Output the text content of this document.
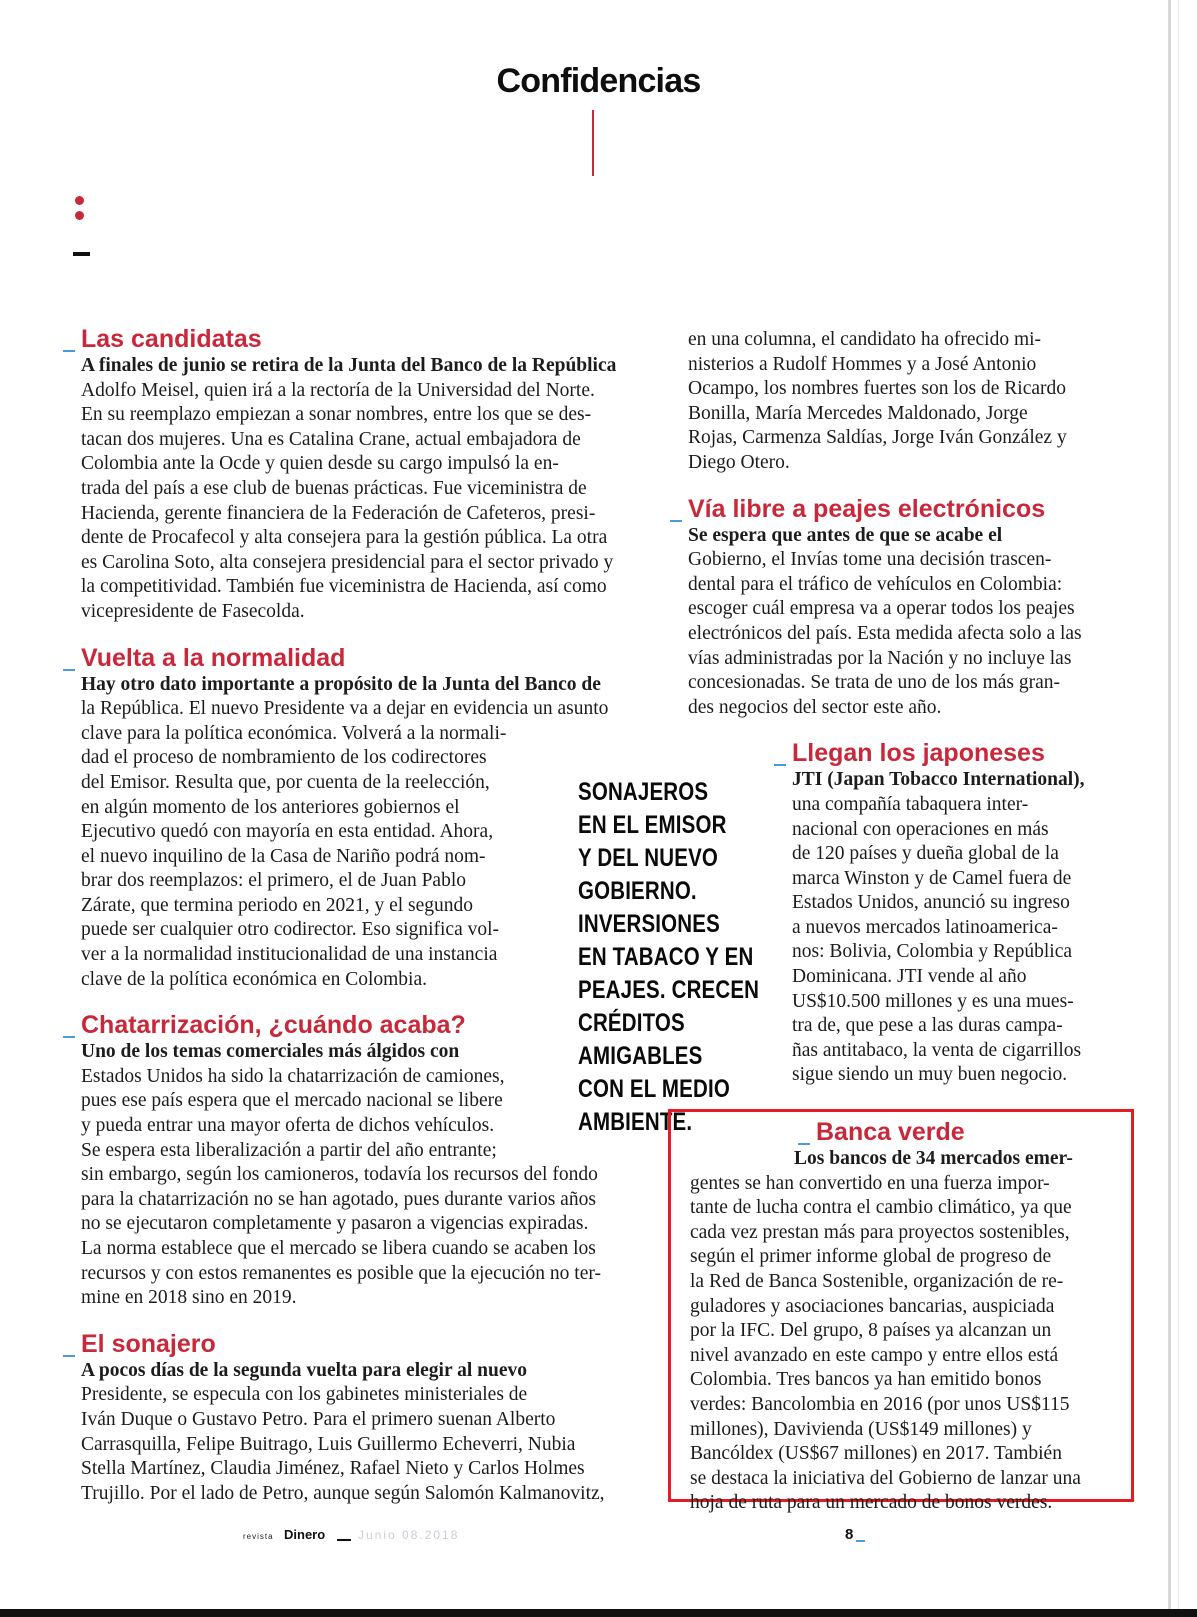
Confidencias
Las candidatas

A finales de junio se retira de la Junta del Banco de la República
Adolfo Meisel, quien irá a la rectoría de la Universidad del Norte.
En su reemplazo empiezan a sonar nombres, entre los que se des-
tacan dos mujeres. Una es Catalina Crane, actual embajadora de
Colombia ante la Ocde y quien desde su cargo impulsó la en-
trada del país a ese club de buenas prácticas. Fue viceministra de
Hacienda, gerente financiera de la Federación de Cafeteros, presi-
dente de Procafecol y alta consejera para la gestión pública. La otra
es Carolina Soto, alta consejera presidencial para el sector privado y
la competitividad. También fue viceministra de Hacienda, así como
vicepresidente de Fasecolda.

Vuelta a la normalidad

Hay otro dato importante a propósito de la Junta del Banco de
la República. El nuevo Presidente va a dejar en evidencia un asunto
clave para la política económica. Volverá a la normali-
dad el proceso de nombramiento de los codirectores
del Emisor. Resulta que, por cuenta de la reelección,
en algún momento de los anteriores gobiernos el
Ejecutivo quedó con mayoría en esta entidad. Ahora,
el nuevo inquilino de la Casa de Nariño podrá nom-
brar dos reemplazos: el primero, el de Juan Pablo
Zárate, que termina periodo en 2021, y el segundo
puede ser cualquier otro codirector. Eso significa vol-
ver a la normalidad institucionalidad de una instancia
clave de la política económica en Colombia.

Chatarrización, ¿cuándo acaba?

Uno de los temas comerciales más álgidos con
Estados Unidos ha sido la chatarrización de camiones,
pues ese país espera que el mercado nacional se libere
y pueda entrar una mayor oferta de dichos vehículos.
Se espera esta liberalización a partir del año entrante;
sin embargo, según los camioneros, todavía los recursos del fondo
para la chatarrización no se han agotado, pues durante varios años
no se ejecutaron completamente y pasaron a vigencias expiradas.
La norma establece que el mercado se libera cuando se acaben los
recursos y con estos remanentes es posible que la ejecución no ter-
mine en 2018 sino en 2019.

El sonajero

A pocos días de la segunda vuelta para elegir al nuevo
Presidente, se especula con los gabinetes ministeriales de
Iván Duque o Gustavo Petro. Para el primero suenan Alberto
Carrasquilla, Felipe Buitrago, Luis Guillermo Echeverri, Nubia
Stella Martínez, Claudia Jiménez, Rafael Nieto y Carlos Holmes
Trujillo. Por el lado de Petro, aunque según Salomón Kalmanovitz,

en una columna, el candidato ha ofrecido mi-
nisterios a Rudolf Hommes y a José Antonio
Ocampo, los nombres fuertes son los de Ricardo
Bonilla, María Mercedes Maldonado, Jorge
Rojas, Carmenza Saldías, Jorge Iván González y
Diego Otero.

Vía libre a peajes electrónicos

Se espera que antes de que se acabe el
Gobierno, el Invías tome una decisión trascen-
dental para el tráfico de vehículos en Colombia:
escoger cuál empresa va a operar todos los peajes
electrónicos del país. Esta medida afecta solo a las
vías administradas por la Nación y no incluye las
concesionadas. Se trata de uno de los más gran-
des negocios del sector este año.

Llegan los japoneses

JTI (Japan Tobacco International),
una compañía tabaquera inter-
nacional con operaciones en más
de 120 países y dueña global de la
marca Winston y de Camel fuera de
Estados Unidos, anunció su ingreso
a nuevos mercados latinoamerica-
nos: Bolivia, Colombia y República
Dominicana. JTI vende al año
US$10.500 millones y es una mues-
tra de, que pese a las duras campa-
ñas antitabaco, la venta de cigarrillos
sigue siendo un muy buen negocio.

SONAJEROS
EN EL EMISOR
Y DEL NUEVO
GOBIERNO.
INVERSIONES
EN TABACO Y EN
PEAJES. CRECEN
CRÉDITOS
AMIGABLES
CON EL MEDIO
AMBIENTE.	Banca verde

Los bancos de 34 mercados emer-
gentes se han convertido en una fuerza impor-
tante de lucha contra el cambio climático, ya que
cada vez prestan más para proyectos sostenibles,
según el primer informe global de progreso de
la Red de Banca Sostenible, organización de re-
guladores y asociaciones bancarias, auspiciada
por la IFC. Del grupo, 8 países ya alcanzan un
nivel avanzado en este campo y entre ellos está
Colombia. Tres bancos ya han emitido bonos
verdes: Bancolombia en 2016 (por unos US$115
millones), Davivienda (US$149 millones) y
Bancóldex (US$67 millones) en 2017. También
se destaca la iniciativa del Gobierno de lanzar una
hoja de ruta para un mercado de bonos verdes.

revista Dinero	Junio 08.2018	8
